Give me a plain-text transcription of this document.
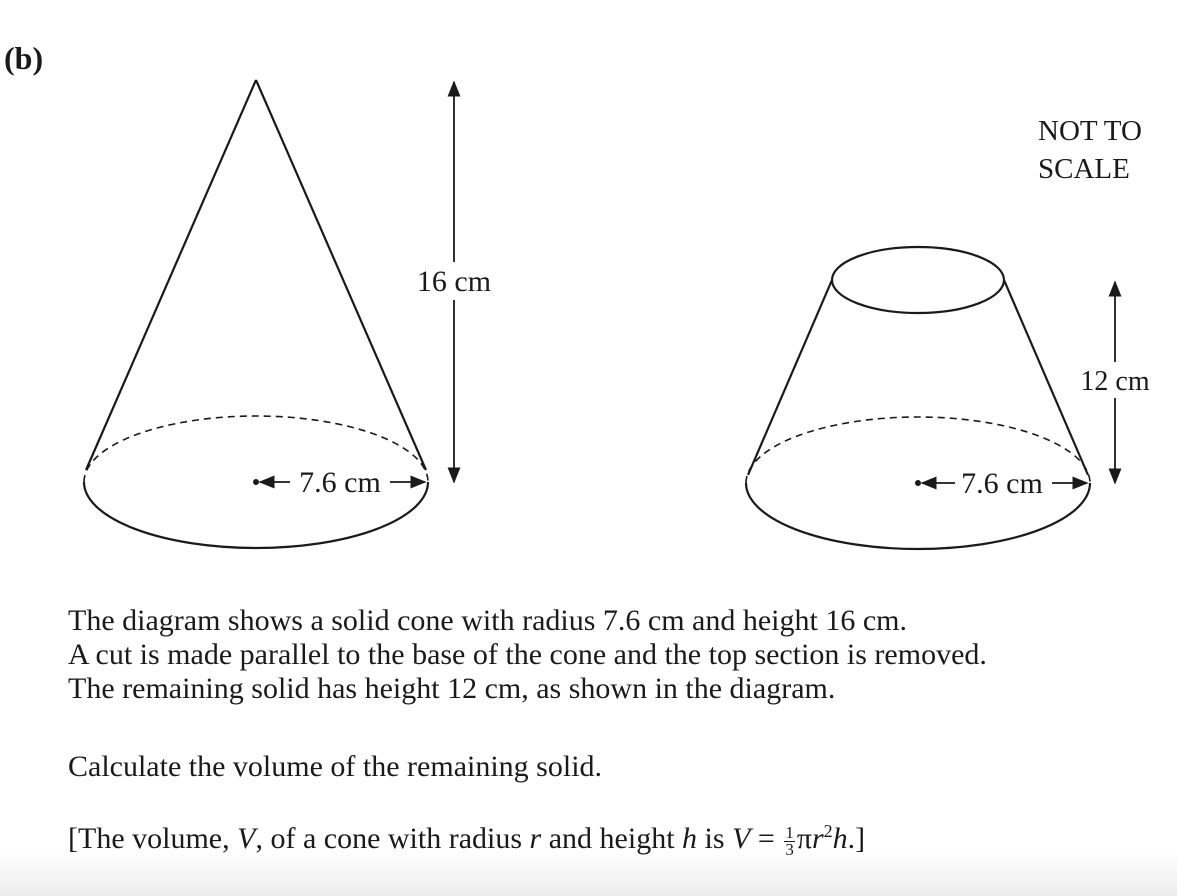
(b)
7.6 cm
16 cm
7.6 cm
12 cm
NOT TO
SCALE
The diagram shows a solid cone with radius 7.6 cm and height 16 cm.
A cut is made parallel to the base of the cone and the top section is removed.
The remaining solid has height 12 cm, as shown in the diagram.
Calculate the volume of the remaining solid.
[The volume, V, of a cone with radius r and height h is $V = \frac{1}{3} \pi r^2h$.]
